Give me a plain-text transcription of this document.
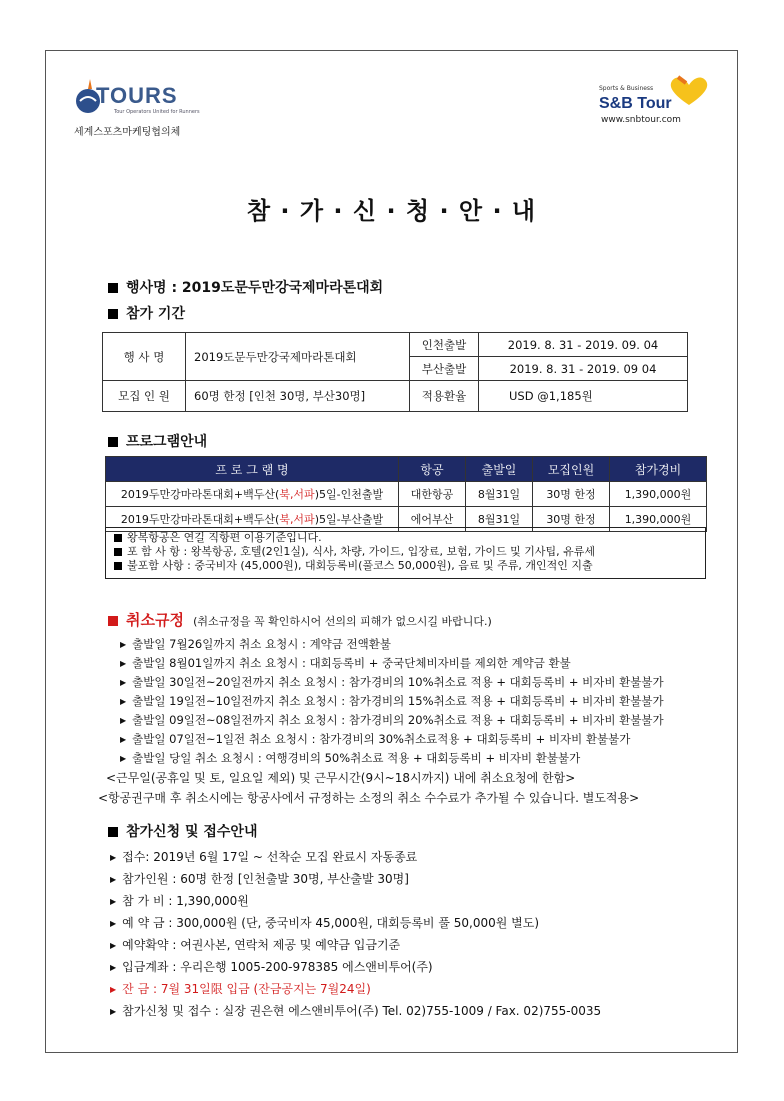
TOURS
Tour Operators United for Runners
세계스포츠마케팅협의체
Sports & Business
S&B Tour
www.snbtour.com
참 · 가 · 신 · 청 · 안 · 내
행사명 : 2019도문두만강국제마라톤대회
참가 기간
행 사 명	2019도문두만강국제마라톤대회	인천출발	2019. 8. 31 - 2019. 09. 04
		부산출발	2019. 8. 31 - 2019. 09 04
모집 인 원	60명 한정 [인천 30명, 부산30명]	적용환율	USD @1,185원
프로그램안내
프 로 그 램 명	항공	출발일	모집인원	참가경비
2019두만강마라톤대회+백두산(북,서파)5일-인천출발	대한항공	8월31일	30명 한정	1,390,000원
2019두만강마라톤대회+백두산(북,서파)5일-부산출발	에어부산	8월31일	30명 한정	1,390,000원
왕복항공은 연길 직항편 이용기준입니다.
포 함 사 항 : 왕복항공, 호텔(2인1실), 식사, 차량, 가이드, 입장료, 보험, 가이드 및 기사팁, 유류세
불포함 사항 : 중국비자 (45,000원), 대회등록비(풀코스 50,000원), 음료 및 주류, 개인적인 지출
취소규정 (취소규정을 꼭 확인하시어 선의의 피해가 없으시길 바랍니다.)
▶ 출발일 7월26일까지 취소 요청시 : 계약금 전액환불
▶ 출발일 8월01일까지 취소 요청시 : 대회등록비 + 중국단체비자비를 제외한 계약금 환불
▶ 출발일 30일전~20일전까지 취소 요청시 : 참가경비의 10%취소료 적용 + 대회등록비 + 비자비 환불불가
▶ 출발일 19일전~10일전까지 취소 요청시 : 참가경비의 15%취소료 적용 + 대회등록비 + 비자비 환불불가
▶ 출발일 09일전~08일전까지 취소 요청시 : 참가경비의 20%취소료 적용 + 대회등록비 + 비자비 환불불가
▶ 출발일 07일전~1일전 취소 요청시 : 참가경비의 30%취소료적용 + 대회등록비 + 비자비 환불불가
▶ 출발일 당일 취소 요청시 : 여행경비의 50%취소료 적용 + 대회등록비 + 비자비 환불불가
<근무일(공휴일 및 토, 일요일 제외) 및 근무시간(9시~18시까지) 내에 취소요청에 한함>
<항공권구매 후 취소시에는 항공사에서 규정하는 소정의 취소 수수료가 추가될 수 있습니다. 별도적용>
참가신청 및 접수안내
▶ 접수: 2019년 6월 17일 ~ 선착순 모집 완료시 자동종료
▶ 참가인원 : 60명 한정 [인천출발 30명, 부산출발 30명]
▶ 참 가 비 : 1,390,000원
▶ 예 약 금 : 300,000원 (단, 중국비자 45,000원, 대회등록비 풀 50,000원 별도)
▶ 예약확약 : 여권사본, 연락처 제공 및 예약금 입금기준
▶ 입금계좌 : 우리은행 1005-200-978385 에스앤비투어(주)
▶ 잔 금 : 7월 31일限 입금 (잔금공지는 7월24일)
▶ 참가신청 및 접수 : 실장 권은현 에스앤비투어(주) Tel. 02)755-1009 / Fax. 02)755-0035
